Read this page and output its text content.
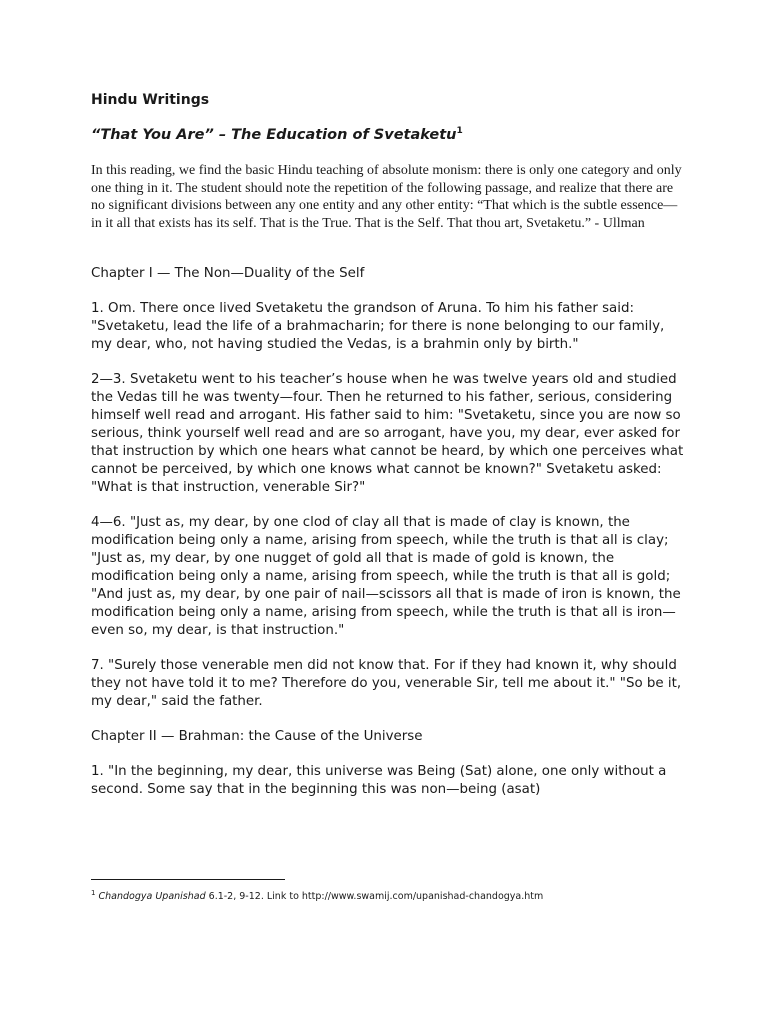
Hindu Writings
“That You Are” – The Education of Svetaketu$^1$
In this reading, we find the basic Hindu teaching of absolute monism: there is only one category and only one thing in it. The student should note the repetition of the following passage, and realize that there are no significant divisions between any one entity and any other entity: “That which is the subtle essence—in it all that exists has its self. That is the True. That is the Self. That thou art, Svetaketu.” - Ullman

Chapter I — The Non—Duality of the Self

1. Om. There once lived Svetaketu the grandson of Aruna. To him his father said: "Svetaketu, lead the life of a brahmacharin; for there is none belonging to our family, my dear, who, not having studied the Vedas, is a brahmin only by birth."

2—3. Svetaketu went to his teacher’s house when he was twelve years old and studied the Vedas till he was twenty—four. Then he returned to his father, serious, considering himself well read and arrogant. His father said to him: "Svetaketu, since you are now so serious, think yourself well read and are so arrogant, have you, my dear, ever asked for that instruction by which one hears what cannot be heard, by which one perceives what cannot be perceived, by which one knows what cannot be known?" Svetaketu asked: "What is that instruction, venerable Sir?"

4—6. "Just as, my dear, by one clod of clay all that is made of clay is known, the modification being only a name, arising from speech, while the truth is that all is clay; "Just as, my dear, by one nugget of gold all that is made of gold is known, the modification being only a name, arising from speech, while the truth is that all is gold; "And just as, my dear, by one pair of nail—scissors all that is made of iron is known, the modification being only a name, arising from speech, while the truth is that all is iron—even so, my dear, is that instruction."

7. "Surely those venerable men did not know that. For if they had known it, why should they not have told it to me? Therefore do you, venerable Sir, tell me about it." "So be it, my dear," said the father.

Chapter II — Brahman: the Cause of the Universe

1. "In the beginning, my dear, this universe was Being (Sat) alone, one only without a second. Some say that in the beginning this was non—being (asat)

$^1$ Chandogya Upanishad 6.1-2, 9-12. Link to http://www.swamij.com/upanishad-chandogya.htm
